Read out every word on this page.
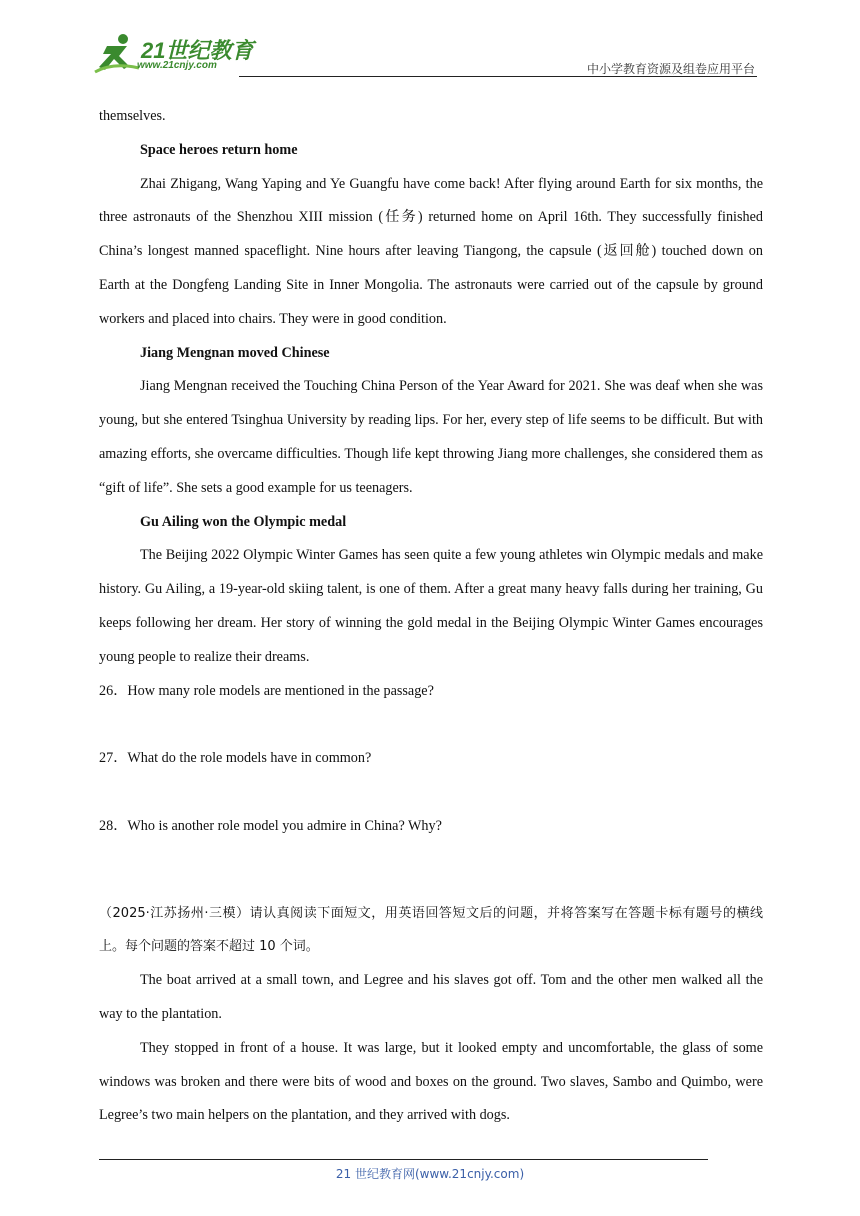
21世纪教育
www.21cnjy.com	中小学教育资源及组卷应用平台

themselves.

Space heroes return home

Zhai Zhigang, Wang Yaping and Ye Guangfu have come back! After flying around Earth for six months, the three astronauts of the Shenzhou XIII mission (任务) returned home on April 16th. They successfully finished China’s longest manned spaceflight. Nine hours after leaving Tiangong, the capsule (返回舱) touched down on Earth at the Dongfeng Landing Site in Inner Mongolia. The astronauts were carried out of the capsule by ground workers and placed into chairs. They were in good condition.

Jiang Mengnan moved Chinese

Jiang Mengnan received the Touching China Person of the Year Award for 2021. She was deaf when she was young, but she entered Tsinghua University by reading lips. For her, every step of life seems to be difficult. But with amazing efforts, she overcame difficulties. Though life kept throwing Jiang more challenges, she considered them as “gift of life”. She sets a good example for us teenagers.

Gu Ailing won the Olympic medal

The Beijing 2022 Olympic Winter Games has seen quite a few young athletes win Olympic medals and make history. Gu Ailing, a 19-year-old skiing talent, is one of them. After a great many heavy falls during her training, Gu keeps following her dream. Her story of winning the gold medal in the Beijing Olympic Winter Games encourages young people to realize their dreams.

26．How many role models are mentioned in the passage?

27．What do the role models have in common?

28．Who is another role model you admire in China? Why?

（2025·江苏扬州·三模）请认真阅读下面短文，用英语回答短文后的问题，并将答案写在答题卡标有题号的横线上。每个问题的答案不超过 10 个词。

The boat arrived at a small town, and Legree and his slaves got off. Tom and the other men walked all the way to the plantation.

They stopped in front of a house. It was large, but it looked empty and uncomfortable, the glass of some windows was broken and there were bits of wood and boxes on the ground. Two slaves, Sambo and Quimbo, were Legree’s two main helpers on the plantation, and they arrived with dogs.

21 世纪教育网(www.21cnjy.com)
